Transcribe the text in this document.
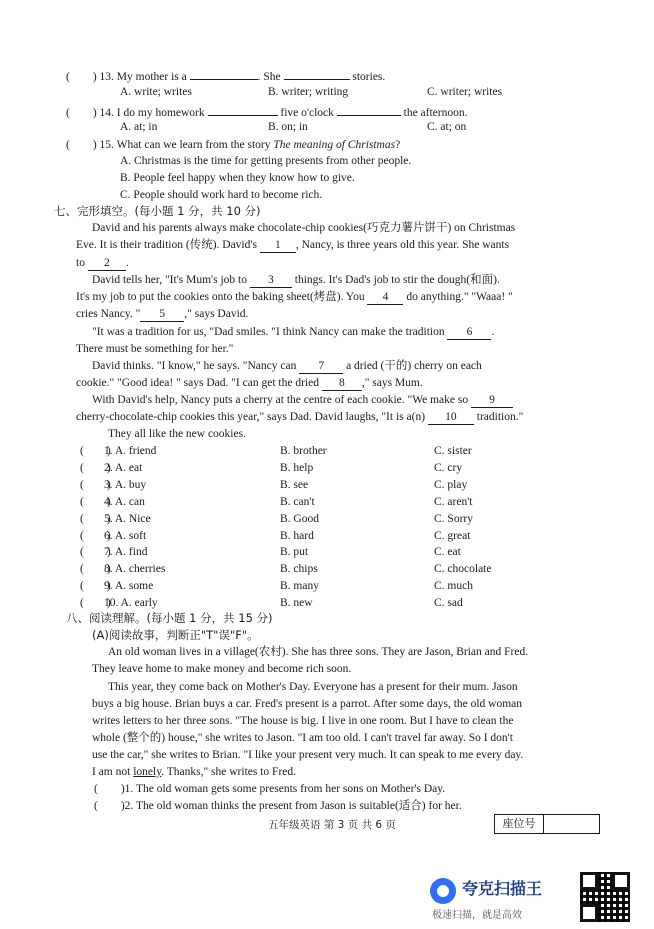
(　　) 13. My mother is a	. She	stories.
A. write; writes	B. writer; writing	C. writer; writes
(　　) 14. I do my homework	five o'clock	the afternoon.
A. at; in	B. on; in	C. at; on
(　　) 15. What can we learn from the story The meaning of Christmas?
A. Christmas is the time for getting presents from other people.
B. People feel happy when they know how to give.
C. People should work hard to become rich.
七、完形填空。(每小题 1 分，共 10 分)
David and his parents always make chocolate-chip cookies(巧克力薯片饼干) on Christmas
Eve. It is their tradition (传统). David's 1 , Nancy, is three years old this year. She wants
to 2 .
David tells her, "It's Mum's job to 3 things. It's Dad's job to stir the dough(和面).
It's my job to put the cookies onto the baking sheet(烤盘). You 4 do anything." "Waaa! "
cries Nancy. " 5 ," says David.
"It was a tradition for us, "Dad smiles. "I think Nancy can make the tradition 6 .
There must be something for her."
David thinks. "I know," he says. "Nancy can 7 a dried (干的) cherry on each
cookie." "Good idea! " says Dad. "I can get the dried 8 ," says Mum.
With David's help, Nancy puts a cherry at the centre of each cookie. "We make so 9
cherry-chocolate-chip cookies this year," says Dad. David laughs, "It is a(n) 10 tradition."
They all like the new cookies.
(　　)
1. A. friend	B. brother	C. sister
(　　)
2. A. eat	B. help	C. cry
(　　)
3. A. buy	B. see	C. play
(　　)
4. A. can	B. can't	C. aren't
(　　)
5. A. Nice	B. Good	C. Sorry
(　　)
6. A. soft	B. hard	C. great
(　　)
7. A. find	B. put	C. eat
(　　)
8. A. cherries	B. chips	C. chocolate
(　　)
9. A. some	B. many	C. much
(　　)
10. A. early	B. new	C. sad
八、阅读理解。(每小题 1 分，共 15 分)
(A)阅读故事，判断正"T"误"F"。
An old woman lives in a village(农村). She has three sons. They are Jason, Brian and Fred.
They leave home to make money and become rich soon.
This year, they come back on Mother's Day. Everyone has a present for their mum. Jason
buys a big house. Brian buys a car. Fred's present is a parrot. After some days, the old woman
writes letters to her three sons. "The house is big. I live in one room. But I have to clean the
whole (整个的) house," she writes to Jason. "I am too old. I can't travel far away. So I don't
use the car," she writes to Brian. "I like your present very much. It can speak to me every day.
I am not lonely. Thanks," she writes to Fred.
(　　)1. The old woman gets some presents from her sons on Mother's Day.
(　　)2. The old woman thinks the present from Jason is suitable(适合) for her.
五年级英语 第 3 页 共 6 页	座位号
夸克扫描王
极速扫描，就是高效
